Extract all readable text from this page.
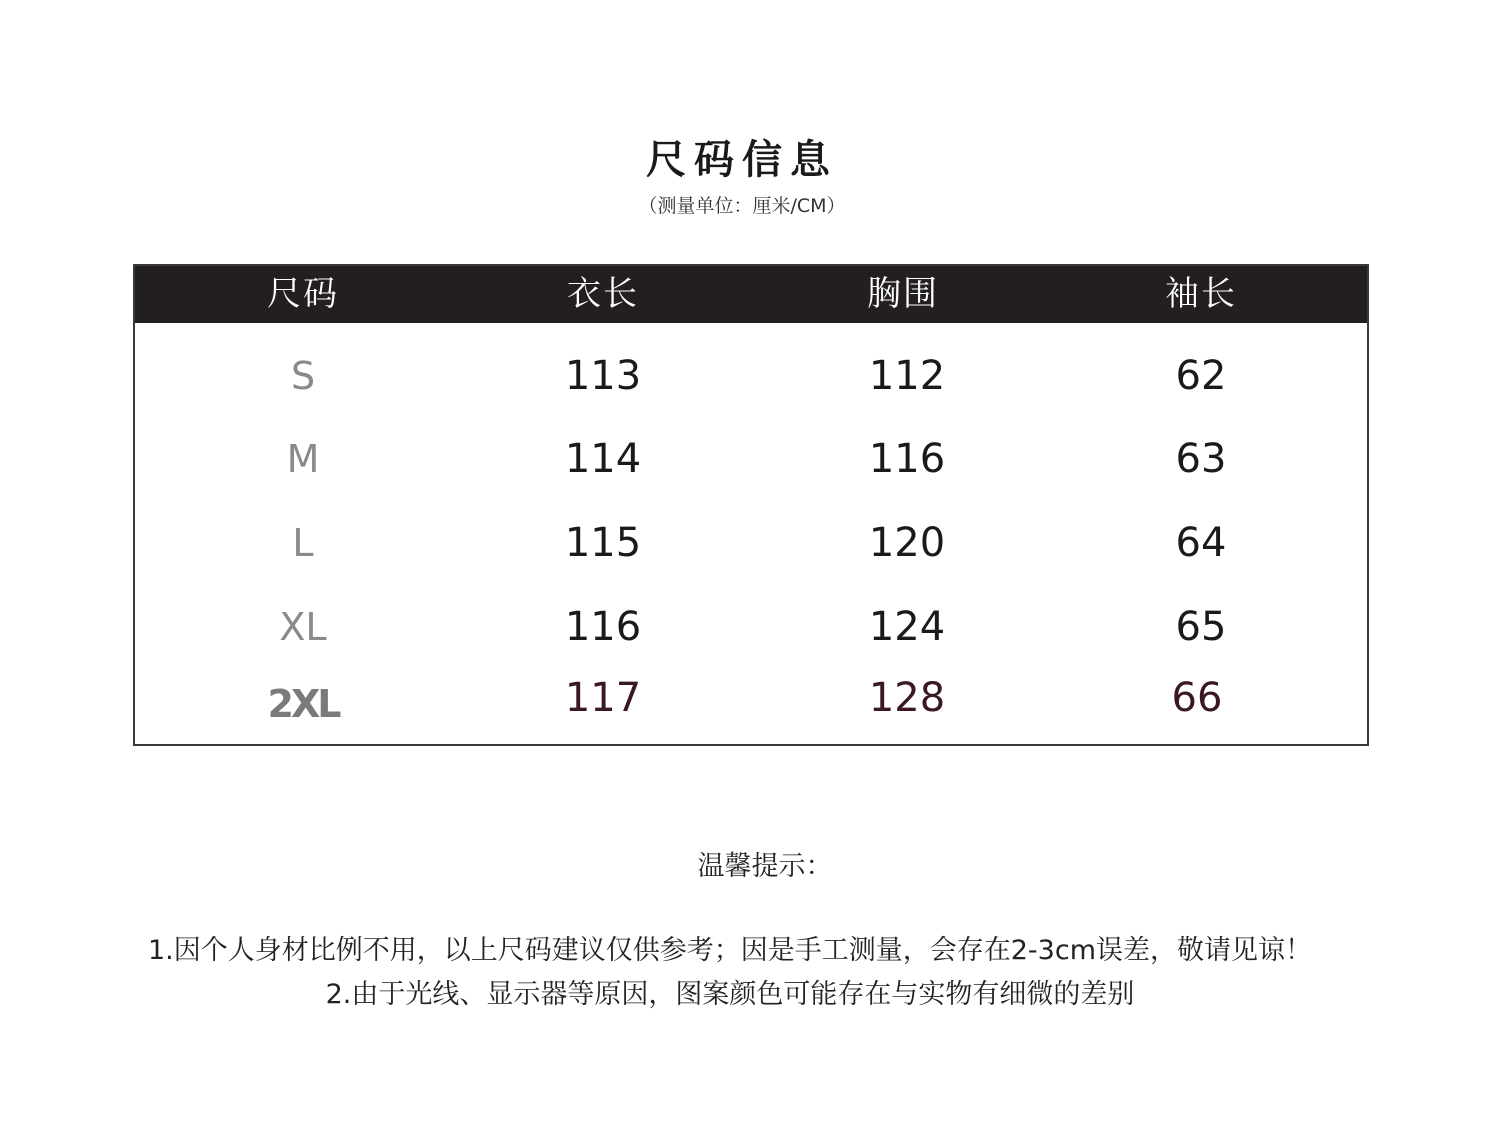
尺码信息
（测量单位：厘米/CM）
尺码	衣长	胸围	袖长
S	113	112	62
M	114	116	63
L	115	120	64
XL	116	124	65
2XL	117	128	66
温馨提示：
1.因个人身材比例不用，以上尺码建议仅供参考；因是手工测量，会存在2-3cm误差，敬请见谅！
2.由于光线、显示器等原因，图案颜色可能存在与实物有细微的差别
